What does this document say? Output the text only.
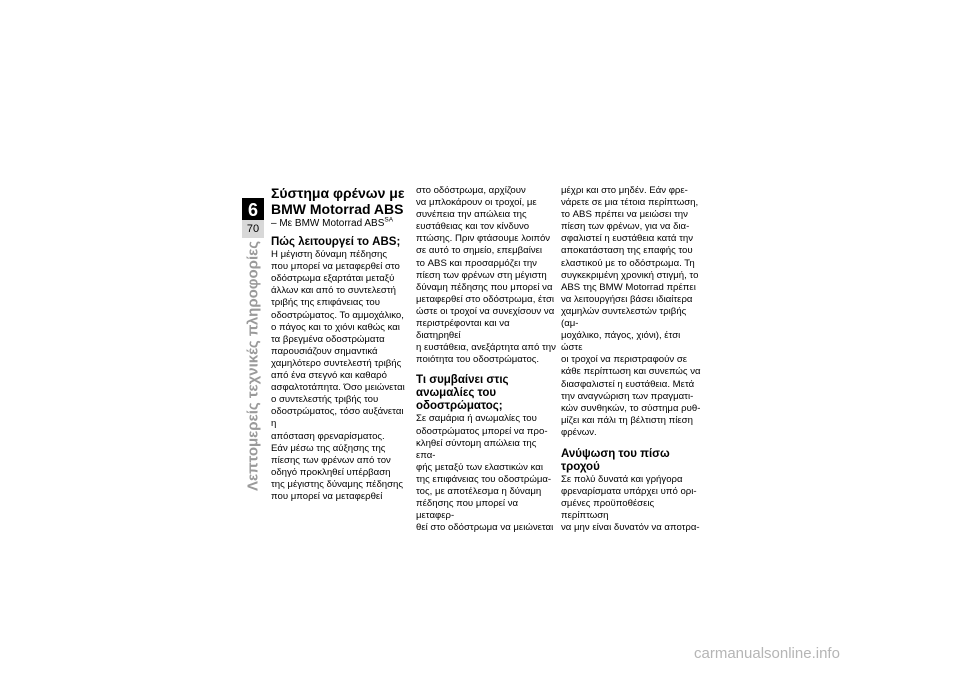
6
70
Λεπτομερείς τεχνικές πληροφορίες
Σύστημα φρένων με
BMW Motorrad ABS

– Με BMW Motorrad $ABS^{SA}$

Πώς λειτουργεί το ABS;

Η μέγιστη δύναμη πέδησης

που μπορεί να μεταφερθεί στο

οδόστρωμα εξαρτάται μεταξύ

άλλων και από το συντελεστή

τριβής της επιφάνειας του

οδοστρώματος. Το αμμοχάλικο,

ο πάγος και το χιόνι καθώς και

τα βρεγμένα οδοστρώματα

παρουσιάζουν σημαντικά

χαμηλότερο συντελεστή τριβής

από ένα στεγνό και καθαρό

ασφαλτοτάπητα. Όσο μειώνεται

ο συντελεστής τριβής του

οδοστρώματος, τόσο αυξάνεται η

απόσταση φρεναρίσματος.

Εάν μέσω της αύξησης της

πίεσης των φρένων από τον

οδηγό προκληθεί υπέρβαση

της μέγιστης δύναμης πέδησης

που μπορεί να μεταφερθεί

στο οδόστρωμα, αρχίζουν

να μπλοκάρουν οι τροχοί, με

συνέπεια την απώλεια της

ευστάθειας και τον κίνδυνο

πτώσης. Πριν φτάσουμε λοιπόν

σε αυτό το σημείο, επεμβαίνει

το ABS και προσαρμόζει την

πίεση των φρένων στη μέγιστη

δύναμη πέδησης που μπορεί να

μεταφερθεί στο οδόστρωμα, έτσι

ώστε οι τροχοί να συνεχίσουν να

περιστρέφονται και να διατηρηθεί

η ευστάθεια, ανεξάρτητα από την

ποιότητα του οδοστρώματος.

Τι συμβαίνει στις
ανωμαλίες του
οδοστρώματος;

Σε σαμάρια ή ανωμαλίες του

οδοστρώματος μπορεί να προ-

κληθεί σύντομη απώλεια της επα-

φής μεταξύ των ελαστικών και

της επιφάνειας του οδοστρώμα-

τος, με αποτέλεσμα η δύναμη

πέδησης που μπορεί να μεταφερ-

θεί στο οδόστρωμα να μειώνεται

μέχρι και στο μηδέν. Εάν φρε-

νάρετε σε μια τέτοια περίπτωση,

το ABS πρέπει να μειώσει την

πίεση των φρένων, για να δια-

σφαλιστεί η ευστάθεια κατά την

αποκατάσταση της επαφής του

ελαστικού με το οδόστρωμα. Τη

συγκεκριμένη χρονική στιγμή, το

ABS της BMW Motorrad πρέπει

να λειτουργήσει βάσει ιδιαίτερα

χαμηλών συντελεστών τριβής (αμ-

μοχάλικο, πάγος, χιόνι), έτσι ώστε

οι τροχοί να περιστραφούν σε

κάθε περίπτωση και συνεπώς να

διασφαλιστεί η ευστάθεια. Μετά

την αναγνώριση των πραγματι-

κών συνθηκών, το σύστημα ρυθ-

μίζει και πάλι τη βέλτιστη πίεση

φρένων.

Ανύψωση του πίσω
τροχού

Σε πολύ δυνατά και γρήγορα

φρεναρίσματα υπάρχει υπό ορι-

σμένες προϋποθέσεις περίπτωση

να μην είναι δυνατόν να αποτρα-

carmanualsonline.info
